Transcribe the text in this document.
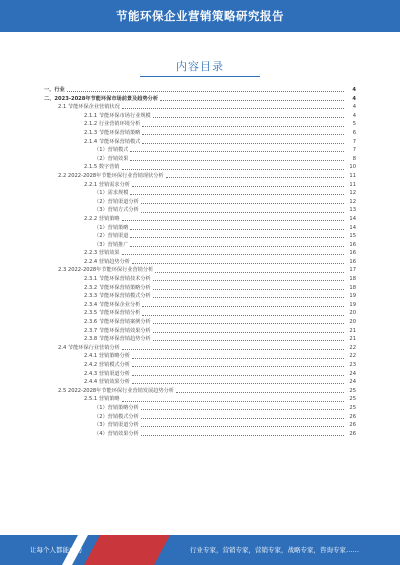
节能环保企业营销策略研究报告
内容目录
一、行业	4
二、2023-2028年节能环保市场前景及趋势分析	4
2.1 节能环保企业营销状况	4
2.1.1 节能环保市场行业规模	4
2.1.2 行业营销环境分析	5
2.1.3 节能环保营销策略	6
2.1.4 节能环保营销模式	7
（1）营销模式	7
（2）营销效果	8
2.1.5 数字营销	10
2.2 2022-2028年节能环保行业营销现状分析	11
2.2.1 营销需求分析	11
（1）需求规模	12
（2）营销渠道分析	12
（3）营销方式分析	13
2.2.2 营销策略	14
（1）营销策略	14
（2）营销渠道	15
（3）营销推广	16
2.2.3 营销效果	16
2.2.4 营销趋势分析	16
2.3 2022-2028年节能环保行业营销分析	17
2.3.1 节能环保营销技术分析	18
2.3.2 节能环保营销策略分析	18
2.3.3 节能环保营销模式分析	19
2.3.4 节能环保企业分析	19
2.3.5 节能环保营销分析	20
2.3.6 节能环保营销案例分析	20
2.3.7 节能环保营销效果分析	21
2.3.8 节能环保营销趋势分析	21
2.4 节能环保行业营销分析	22
2.4.1 营销策略分析	22
2.4.2 营销模式分析	23
2.4.3 营销渠道分析	24
2.4.4 营销效果分析	24
2.5 2022-2028年节能环保行业营销发展趋势分析	25
2.5.1 营销策略	25
（1）营销策略分析	25
（2）营销模式分析	26
（3）营销渠道分析	26
（4）营销效果分析	26
让每个人都能成为	行业专家，营销专家，营销专家，战略专家，咨询专家……
